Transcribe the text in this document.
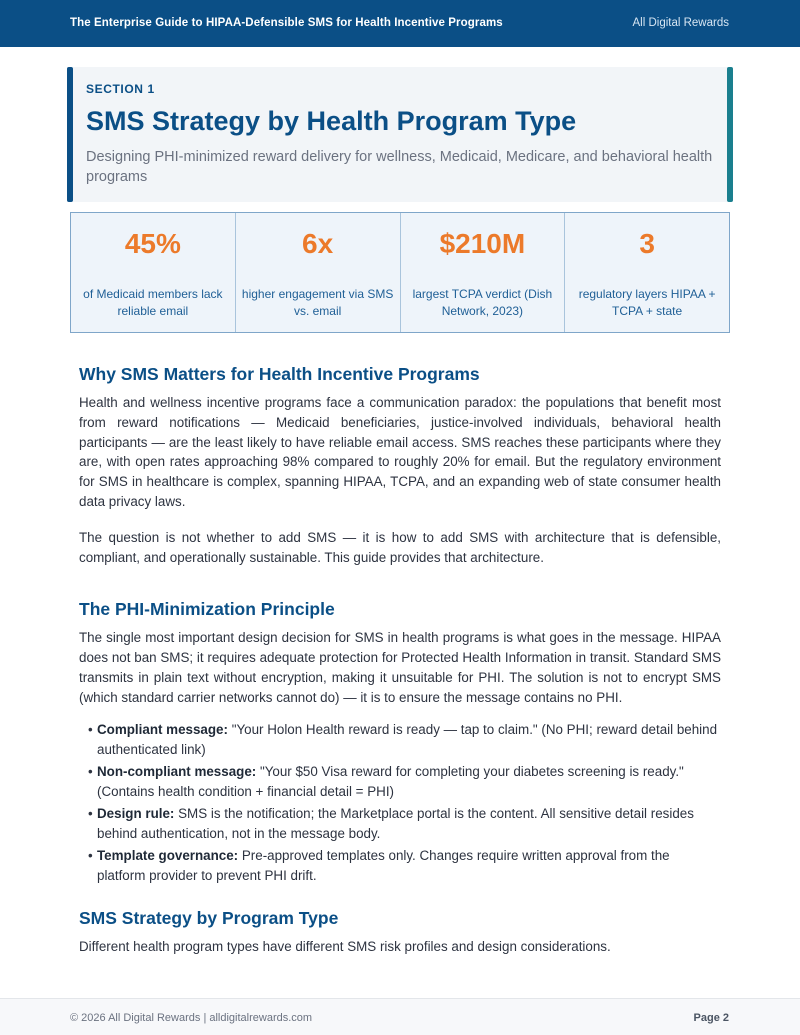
The Enterprise Guide to HIPAA-Defensible SMS for Health Incentive Programs	All Digital Rewards
SECTION 1
SMS Strategy by Health Program Type
Designing PHI-minimized reward delivery for wellness, Medicaid, Medicare, and behavioral health programs
45%
of Medicaid members lack reliable email
6x
higher engagement via SMS vs. email
$210M
largest TCPA verdict (Dish Network, 2023)
3
regulatory layers HIPAA + TCPA + state
Why SMS Matters for Health Incentive Programs

Health and wellness incentive programs face a communication paradox: the populations that benefit most from reward notifications — Medicaid beneficiaries, justice-involved individuals, behavioral health participants — are the least likely to have reliable email access. SMS reaches these participants where they are, with open rates approaching 98% compared to roughly 20% for email. But the regulatory environment for SMS in healthcare is complex, spanning HIPAA, TCPA, and an expanding web of state consumer health data privacy laws.

The question is not whether to add SMS — it is how to add SMS with architecture that is defensible, compliant, and operationally sustainable. This guide provides that architecture.

The PHI-Minimization Principle

The single most important design decision for SMS in health programs is what goes in the message. HIPAA does not ban SMS; it requires adequate protection for Protected Health Information in transit. Standard SMS transmits in plain text without encryption, making it unsuitable for PHI. The solution is not to encrypt SMS (which standard carrier networks cannot do) — it is to ensure the message contains no PHI.

• Compliant message: "Your Holon Health reward is ready — tap to claim." (No PHI; reward detail behind authenticated link)
• Non-compliant message: "Your $50 Visa reward for completing your diabetes screening is ready." (Contains health condition + financial detail = PHI)
• Design rule: SMS is the notification; the Marketplace portal is the content. All sensitive detail resides behind authentication, not in the message body.
• Template governance: Pre-approved templates only. Changes require written approval from the platform provider to prevent PHI drift.
SMS Strategy by Program Type

Different health program types have different SMS risk profiles and design considerations.

© 2026 All Digital Rewards | alldigitalrewards.com	Page 2
